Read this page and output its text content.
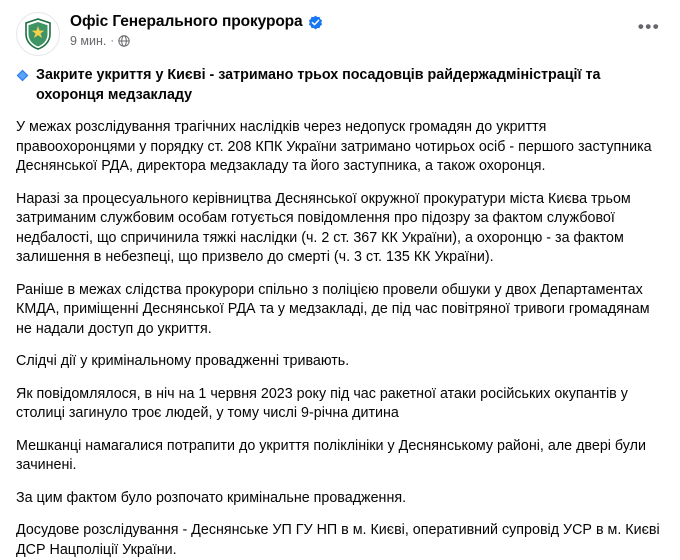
Офіс Генерального прокурора
9 мин. ·
•••

Закрите укриття у Києві - затримано трьох посадовців райдержадміністрації та охоронця медзакладу

У межах розслідування трагічних наслідків через недопуск громадян до укриття правоохоронцями у порядку ст. 208 КПК України затримано чотирьох осіб - першого заступника Деснянської РДА, директора медзакладу та його заступника, а також охоронця.

Наразі за процесуального керівництва Деснянської окружної прокуратури міста Києва трьом затриманим службовим особам готується повідомлення про підозру за фактом службової недбалості, що спричинила тяжкі наслідки (ч. 2 ст. 367 КК України), а охоронцю - за фактом залишення в небезпеці, що призвело до смерті (ч. 3 ст. 135 КК України).

Раніше в межах слідства прокурори спільно з поліцією провели обшуки у двох Департаментах КМДА, приміщенні Деснянської РДА та у медзакладі, де під час повітряної тривоги громадянам не надали доступ до укриття.

Слідчі дії у кримінальному провадженні тривають.

Як повідомлялося, в ніч на 1 червня 2023 року під час ракетної атаки російських окупантів у столиці загинуло троє людей, у тому числі 9-річна дитина

Мешканці намагалися потрапити до укриття поліклініки у Деснянському районі, але двері були зачинені.

За цим фактом було розпочато кримінальне провадження.

Досудове розслідування - Деснянське УП ГУ НП в м. Києві, оперативний супровід УСР в м. Києві ДСР Нацполіції України.
